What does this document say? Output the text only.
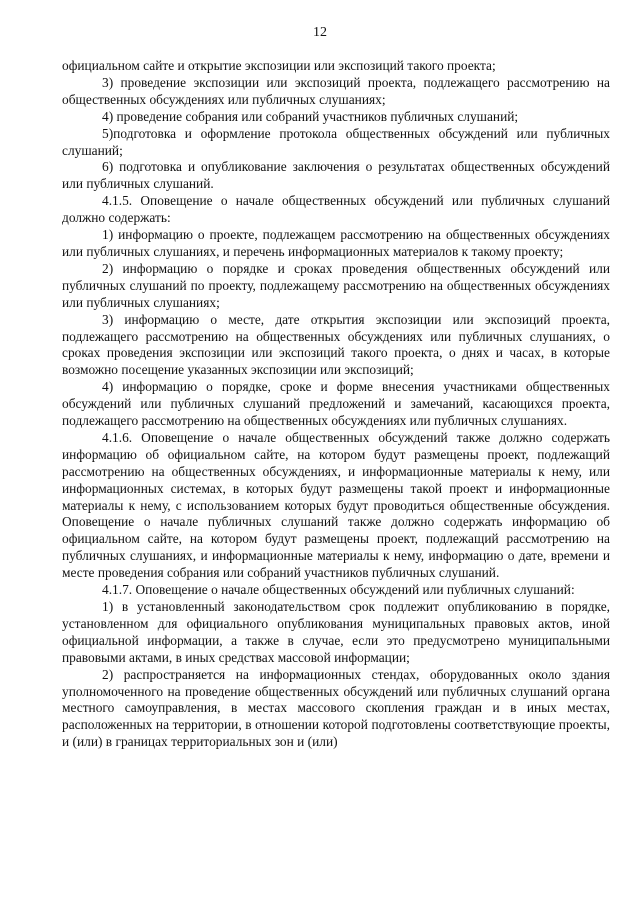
12

официальном сайте и открытие экспозиции или экспозиций такого проекта;

3) проведение экспозиции или экспозиций проекта, подлежащего рассмотрению на общественных обсуждениях или публичных слушаниях;

4) проведение собрания или собраний участников публичных слушаний;

5)подготовка и оформление протокола общественных обсуждений или публичных слушаний;

6) подготовка и опубликование заключения о результатах общественных обсуждений или публичных слушаний.

4.1.5. Оповещение о начале общественных обсуждений или публичных слушаний должно содержать:

1) информацию о проекте, подлежащем рассмотрению на общественных обсуждениях или публичных слушаниях, и перечень информационных материалов к такому проекту;

2) информацию о порядке и сроках проведения общественных обсуждений или публичных слушаний по проекту, подлежащему рассмотрению на общественных обсуждениях или публичных слушаниях;

3) информацию о месте, дате открытия экспозиции или экспозиций проекта, подлежащего рассмотрению на общественных обсуждениях или публичных слушаниях, о сроках проведения экспозиции или экспозиций такого проекта, о днях и часах, в которые возможно посещение указанных экспозиции или экспозиций;

4) информацию о порядке, сроке и форме внесения участниками общественных обсуждений или публичных слушаний предложений и замечаний, касающихся проекта, подлежащего рассмотрению на общественных обсуждениях или публичных слушаниях.

4.1.6. Оповещение о начале общественных обсуждений также должно содержать информацию об официальном сайте, на котором будут размещены проект, подлежащий рассмотрению на общественных обсуждениях, и информационные материалы к нему, или информационных системах, в которых будут размещены такой проект и информационные материалы к нему, с использованием которых будут проводиться общественные обсуждения. Оповещение о начале публичных слушаний также должно содержать информацию об официальном сайте, на котором будут размещены проект, подлежащий рассмотрению на публичных слушаниях, и информационные материалы к нему, информацию о дате, времени и месте проведения собрания или собраний участников публичных слушаний.

4.1.7. Оповещение о начале общественных обсуждений или публичных слушаний:

1) в установленный законодательством срок подлежит опубликованию в порядке, установленном для официального опубликования муниципальных правовых актов, иной официальной информации, а также в случае, если это предусмотрено муниципальными правовыми актами, в иных средствах массовой информации;

2) распространяется на информационных стендах, оборудованных около здания уполномоченного на проведение общественных обсуждений или публичных слушаний органа местного самоуправления, в местах массового скопления граждан и в иных местах, расположенных на территории, в отношении которой подготовлены соответствующие проекты, и (или) в границах территориальных зон и (или)
